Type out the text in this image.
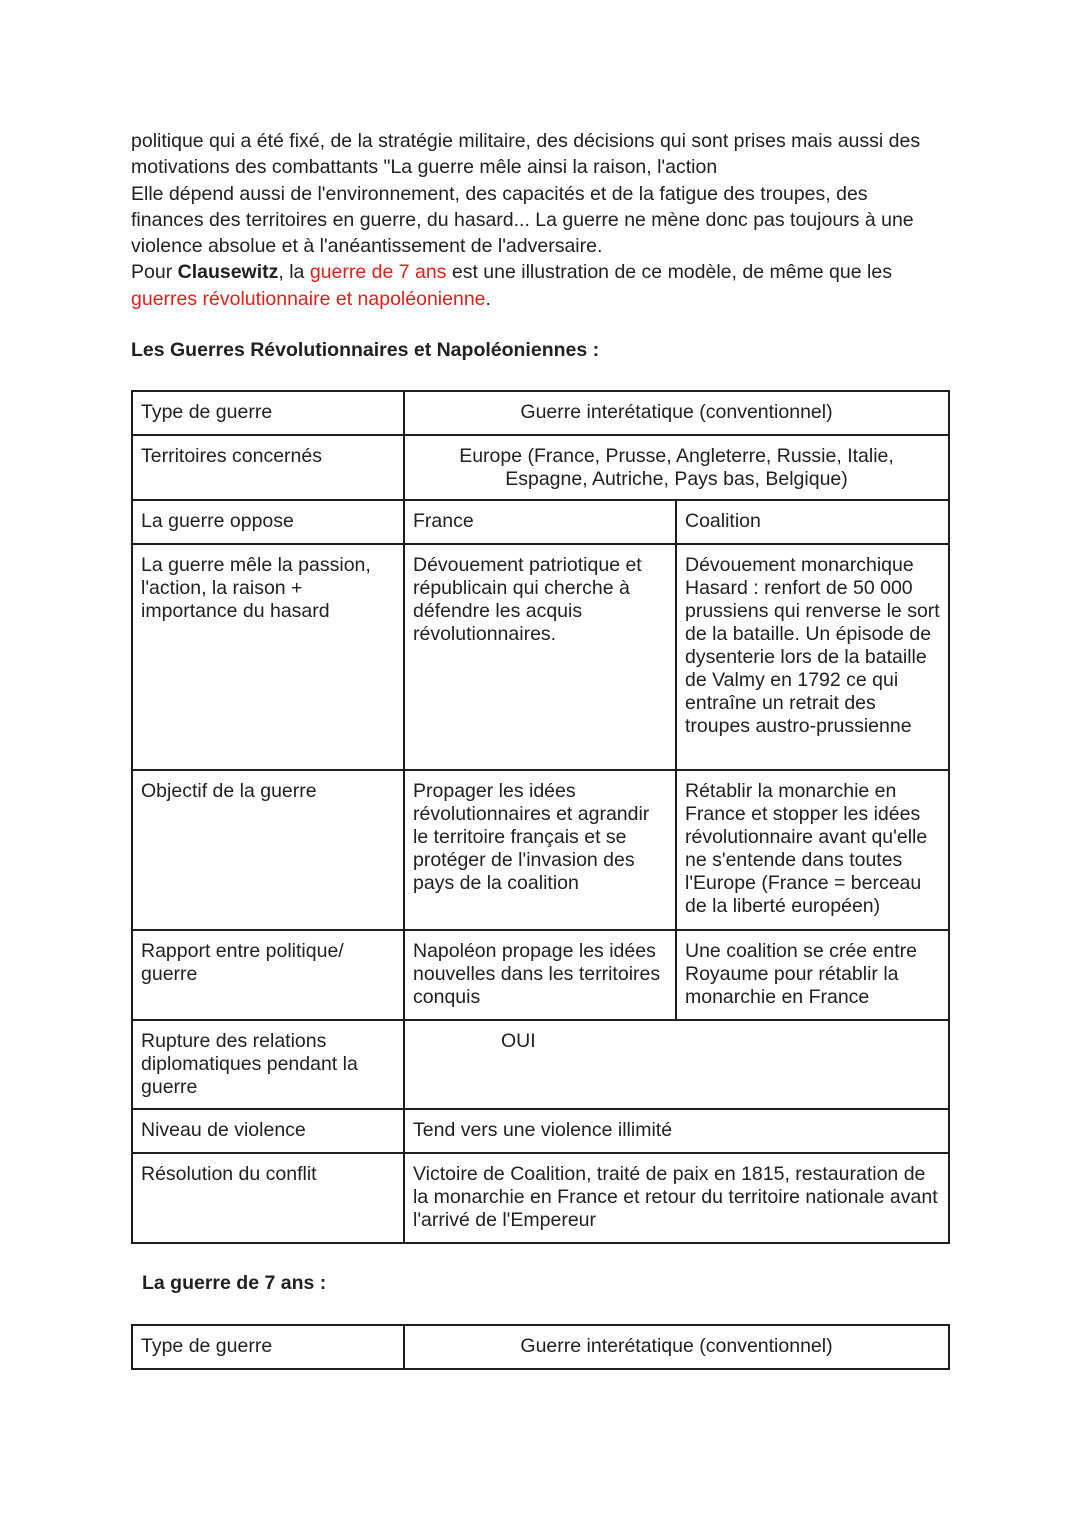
politique qui a été fixé, de la stratégie militaire, des décisions qui sont prises mais aussi des

motivations des combattants "La guerre mêle ainsi la raison, l'action

Elle dépend aussi de l'environnement, des capacités et de la fatigue des troupes, des

finances des territoires en guerre, du hasard... La guerre ne mène donc pas toujours à une

violence absolue et à l'anéantissement de l'adversaire.

Pour Clausewitz, la guerre de 7 ans est une illustration de ce modèle, de même que les

guerres révolutionnaire et napoléonienne.

Les Guerres Révolutionnaires et Napoléoniennes :

Type de guerre	Guerre interétatique (conventionnel)	
Territoires concernés	Europe (France, Prusse, Angleterre, Russie, Italie,
Espagne, Autriche, Pays bas, Belgique)	

La guerre oppose	France	Coalition
La guerre mêle la passion, l'action, la raison + importance du hasard	Dévouement patriotique et républicain qui cherche à défendre les acquis révolutionnaires.	Dévouement monarchique Hasard : renfort de 50 000 prussiens qui renverse le sort de la bataille. Un épisode de dysenterie lors de la bataille de Valmy en 1792 ce qui entraîne un retrait des troupes austro-prussienne
Objectif de la guerre	Propager les idées révolutionnaires et agrandir le territoire français et se protéger de l'invasion des pays de la coalition	Rétablir la monarchie en France et stopper les idées révolutionnaire avant qu'elle ne s'entende dans toutes l'Europe (France = berceau de la liberté européen)
Rapport entre politique/ guerre	Napoléon propage les idées nouvelles dans les territoires conquis	Une coalition se crée entre Royaume pour rétablir la monarchie en France
Rupture des relations diplomatiques pendant la guerre	OUI	
Niveau de violence	Tend vers une violence illimité	
Résolution du conflit	Victoire de Coalition, traité de paix en 1815, restauration de la monarchie en France et retour du territoire nationale avant l'arrivé de l'Empereur	

La guerre de 7 ans :

Type de guerre	Guerre interétatique (conventionnel)
